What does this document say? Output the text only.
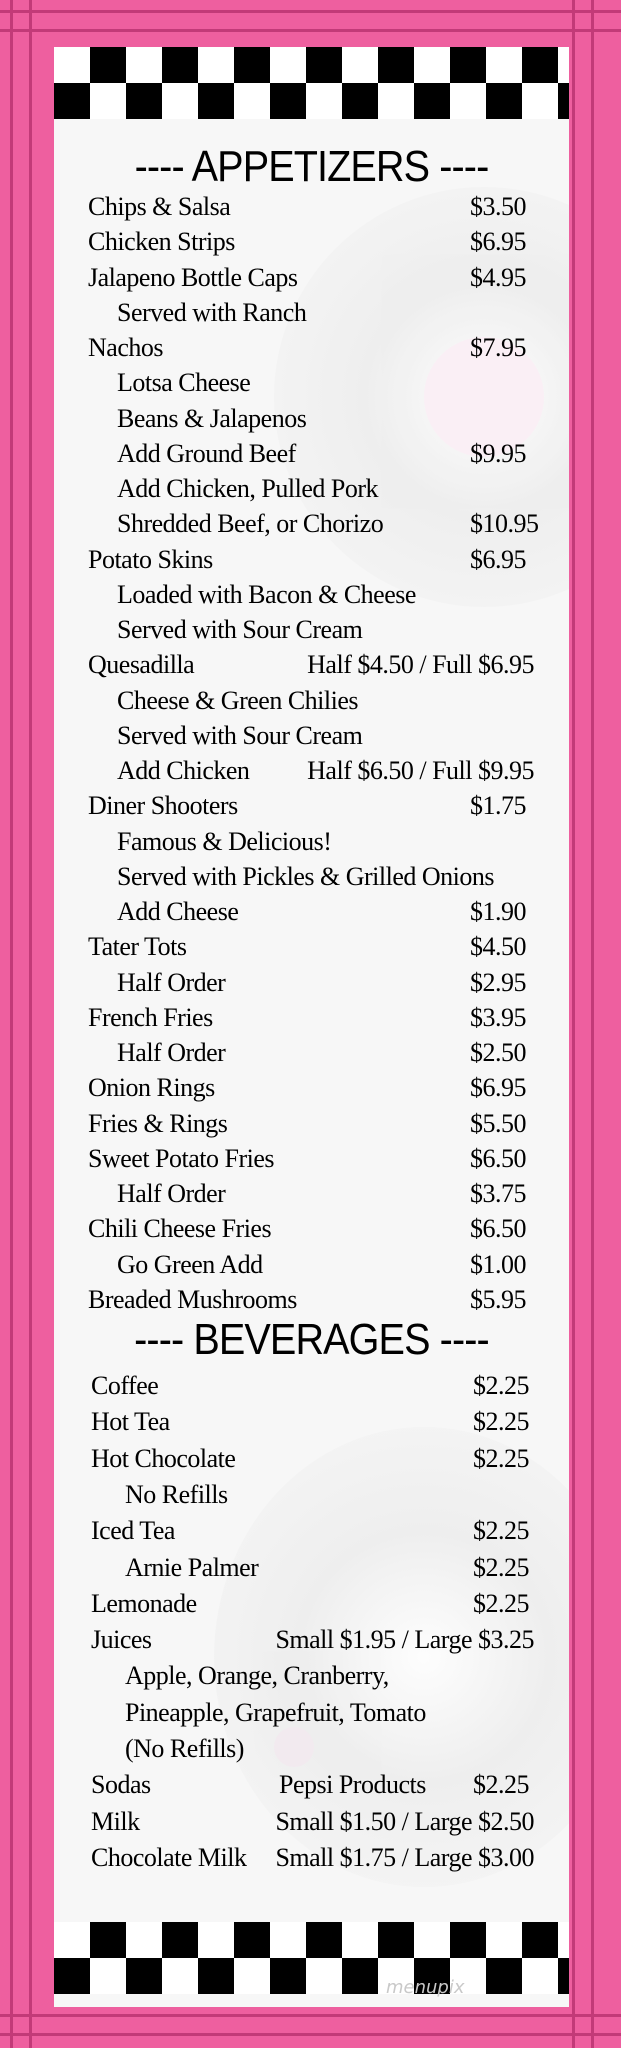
menupix
---- APPETIZERS ----
Chips & Salsa	$3.50
Chicken Strips	$6.95
Jalapeno Bottle Caps	$4.95
Served with Ranch
Nachos	$7.95
Lotsa Cheese
Beans & Jalapenos
Add Ground Beef	$9.95
Add Chicken, Pulled Pork
Shredded Beef, or Chorizo	$10.95
Potato Skins	$6.95
Loaded with Bacon & Cheese
Served with Sour Cream
Quesadilla	Half $4.50 / Full $6.95
Cheese & Green Chilies
Served with Sour Cream
Add Chicken Half $6.50 / Full $9.95
Diner Shooters	$1.75
Famous & Delicious!
Served with Pickles & Grilled Onions
Add Cheese	$1.90
Tater Tots	$4.50
Half Order	$2.95
French Fries	$3.95
Half Order	$2.50
Onion Rings	$6.95
Fries & Rings	$5.50
Sweet Potato Fries	$6.50
Half Order	$3.75
Chili Cheese Fries	$6.50
Go Green Add	$1.00
Breaded Mushrooms	$5.95
---- BEVERAGES ----
Coffee	$2.25
Hot Tea	$2.25
Hot Chocolate	$2.25
No Refills
Iced Tea	$2.25
Arnie Palmer	$2.25
Lemonade	$2.25
Juices	Small $1.95 / Large $3.25
Apple, Orange, Cranberry,
Pineapple, Grapefruit, Tomato
(No Refills)
Sodas	Pepsi Products $2.25
Milk	Small $1.50 / Large $2.50
Chocolate Milk Small $1.75 / Large $3.00
